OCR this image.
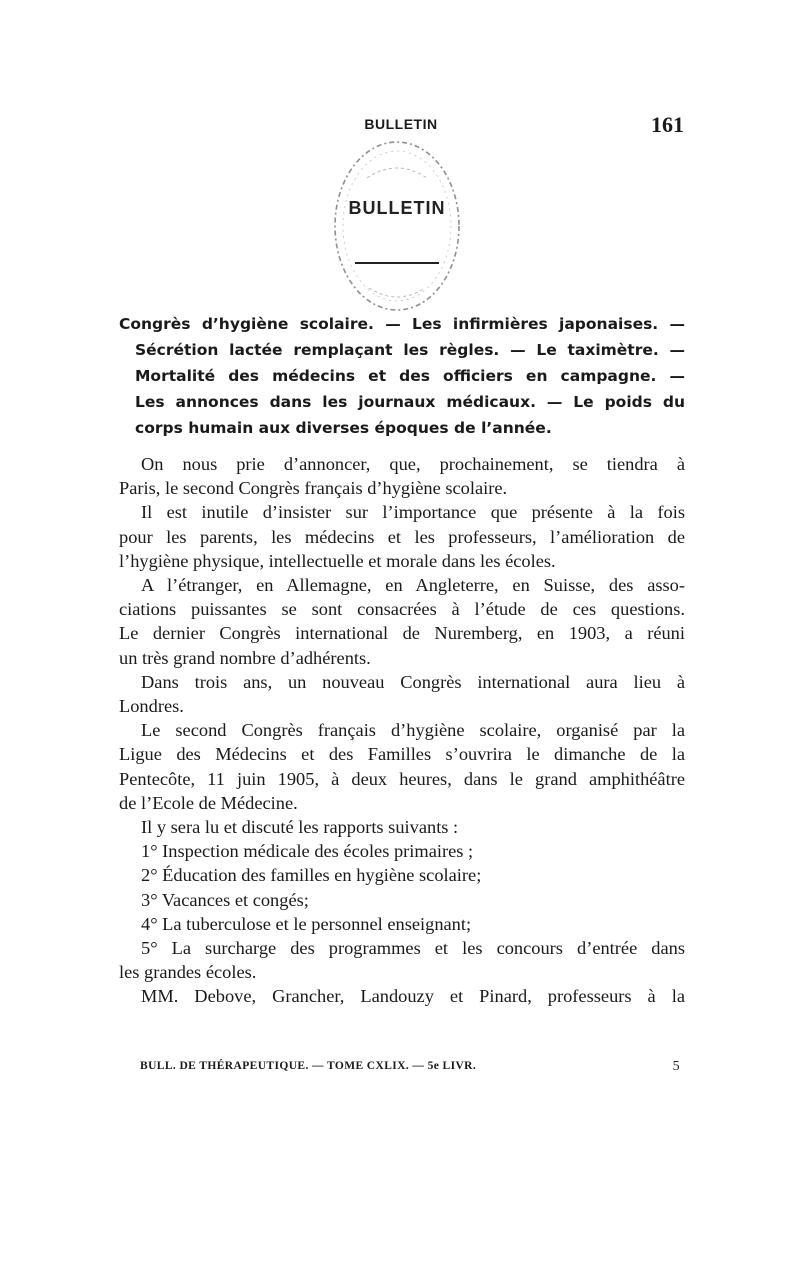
BULLETIN	161
BULLETIN
Congrès d’hygiène scolaire. — Les infirmières japonaises. —
Sécrétion lactée remplaçant les règles. — Le taximètre. —
Mortalité des médecins et des officiers en campagne. —
Les annonces dans les journaux médicaux. — Le poids du
corps humain aux diverses époques de l’année.
On nous prie d’annoncer, que, prochainement, se tiendra à
Paris, le second Congrès français d’hygiène scolaire.
Il est inutile d’insister sur l’importance que présente à la fois
pour les parents, les médecins et les professeurs, l’amélioration de
l’hygiène physique, intellectuelle et morale dans les écoles.
A l’étranger, en Allemagne, en Angleterre, en Suisse, des asso-
ciations puissantes se sont consacrées à l’étude de ces questions.
Le dernier Congrès international de Nuremberg, en 1903, a réuni
un très grand nombre d’adhérents.
Dans trois ans, un nouveau Congrès international aura lieu à
Londres.
Le second Congrès français d’hygiène scolaire, organisé par la
Ligue des Médecins et des Familles s’ouvrira le dimanche de la
Pentecôte, 11 juin 1905, à deux heures, dans le grand amphithéâtre
de l’Ecole de Médecine.
Il y sera lu et discuté les rapports suivants :
1° Inspection médicale des écoles primaires ;
2° Éducation des familles en hygiène scolaire;
3° Vacances et congés;
4° La tuberculose et le personnel enseignant;
5° La surcharge des programmes et les concours d’entrée dans
les grandes écoles.
MM. Debove, Grancher, Landouzy et Pinard, professeurs à la
BULL. DE THÉRAPEUTIQUE. — TOME CXLIX. — 5e LIVR.	5
